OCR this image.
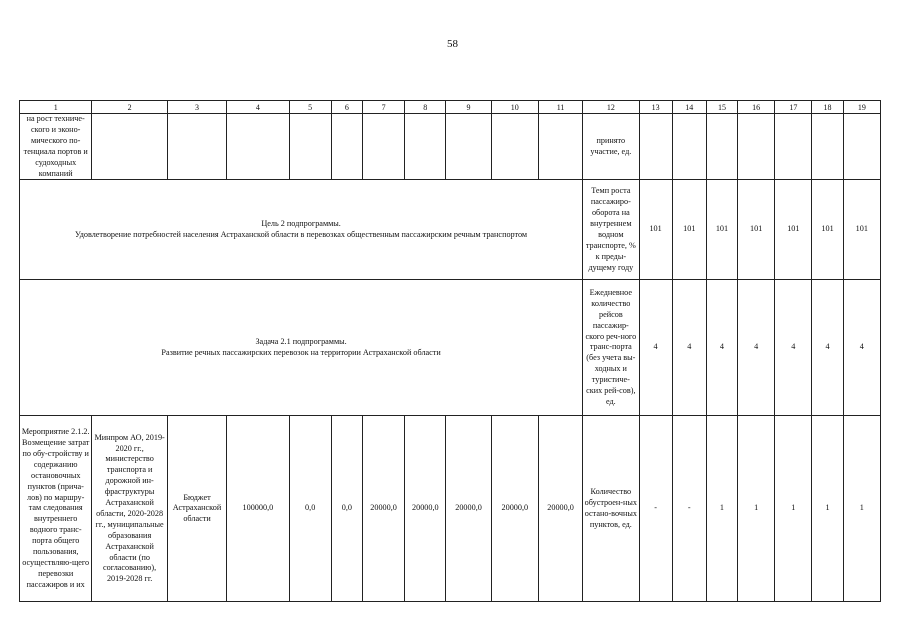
58
1	2	3	4	5	6	7	8	9	10	11	12	13	14	15	16	17	18	19
на рост техниче-ского и эконо-мического по-тенциала портов и судоходных компаний											принято участие, ед.							

Цель 2 подпрограммы.
Удовлетворение потребностей населения Астраханской области в перевозках общественным пассажирским речным транспортом											Темп роста пассажиро-оборота на внутреннем водном транспорте, % к преды-дущему году	101	101	101	101	101	101	101

Задача 2.1 подпрограммы.
Развитие речных пассажирских перевозок на территории Астраханской области											Ежедневное количество рейсов пассажир-ского реч-ного транс-порта (без учета вы-ходных и туристиче-ских рей-сов), ед.	4	4	4	4	4	4	4
Мероприятие 2.1.2. Возмещение затрат по обу-стройству и содержанию остановочных пунктов (прича-лов) по маршру-там следования внутреннего водного транс-порта общего пользования, осуществляю-щего перевозки пассажиров и их	Минпром АО, 2019-2020 гг., министерство транспорта и дорожной ин-фраструктуры Астраханской области, 2020-2028 гг., муниципальные образования Астраханской области (по согласованию), 2019-2028 гг.	Бюджет Астраханской области	100000,0	0,0	0,0	20000,0	20000,0	20000,0	20000,0	20000,0	Количество обустроен-ных остано-вочных пунктов, ед.	-	-	1	1	1	1	1
